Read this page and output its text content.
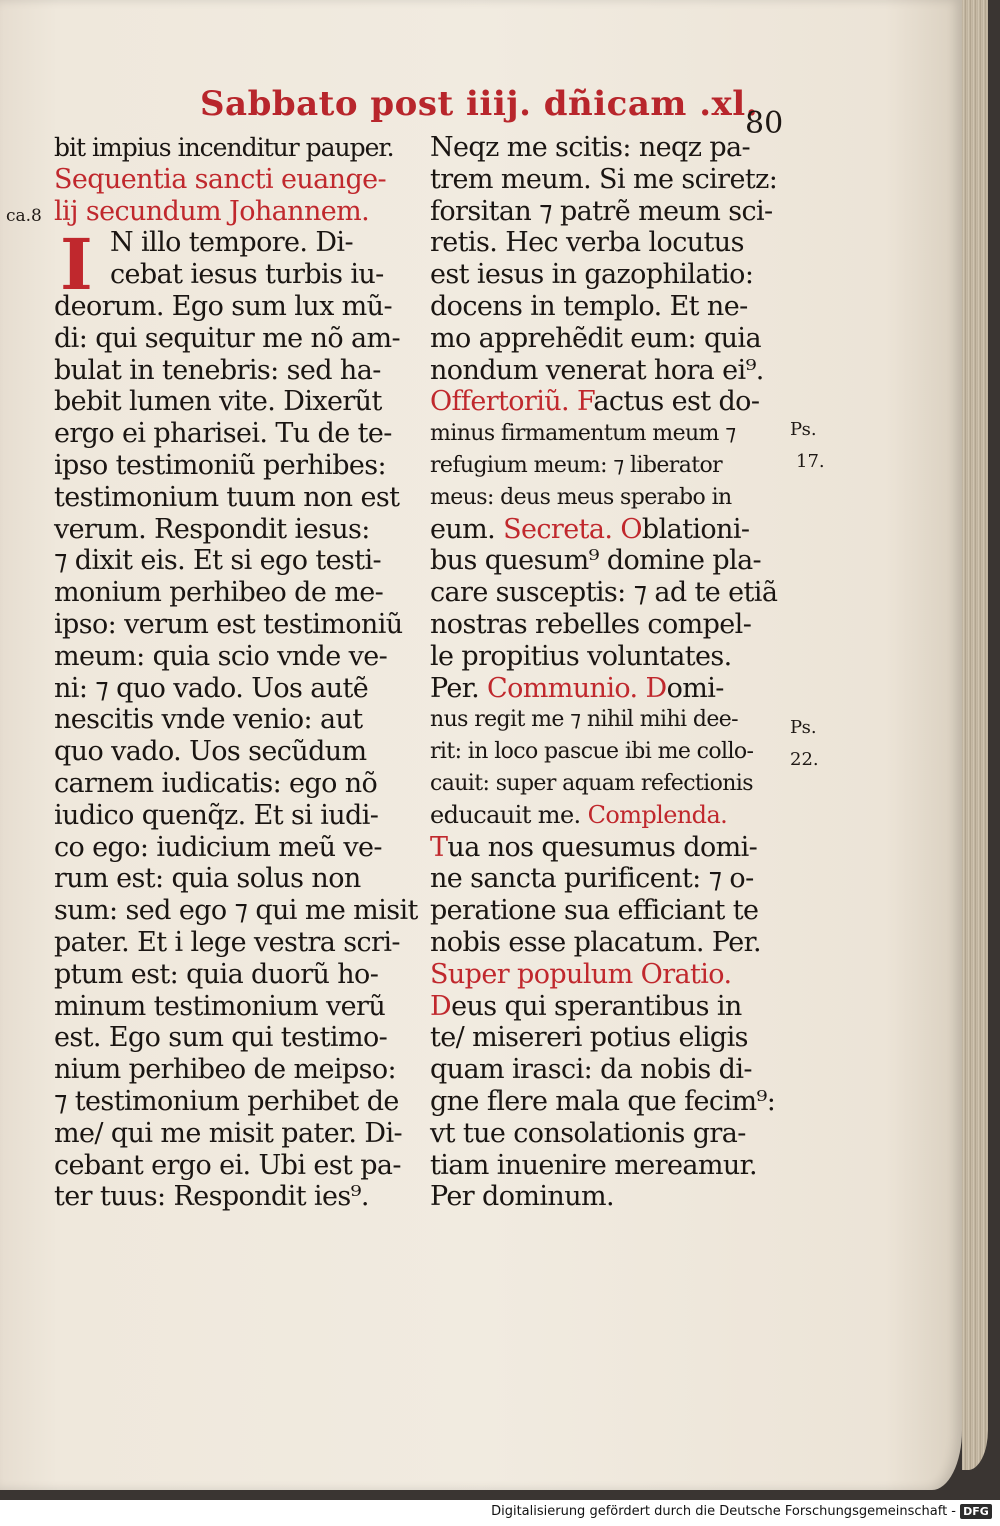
Sabbato post iiij. dñicam .xl.
80
ca.8
Ps.
17.
Ps.
22.
I
bit impius incenditur pauper.
Sequentia sancti euange-
lij secundum Johannem.
N illo tempore. Di-
cebat iesus turbis iu-
deorum. Ego sum lux mũ-
di: qui sequitur me nõ am-
bulat in tenebris: sed ha-
bebit lumen vite. Dixerũt
ergo ei pharisei. Tu de te-
ipso testimoniũ perhibes:
testimonium tuum non est
verum. Respondit iesus:
⁊ dixit eis. Et si ego testi-
monium perhibeo de me-
ipso: verum est testimoniũ
meum: quia scio vnde ve-
ni: ⁊ quo vado. Uos autẽ
nescitis vnde venio: aut
quo vado. Uos secũdum
carnem iudicatis: ego nõ
iudico quenq̃z. Et si iudi-
co ego: iudicium meũ ve-
rum est: quia solus non
sum: sed ego ⁊ qui me misit
pater. Et i lege vestra scri-
ptum est: quia duorũ ho-
minum testimonium verũ
est. Ego sum qui testimo-
nium perhibeo de meipso:
⁊ testimonium perhibet de
me/ qui me misit pater. Di-
cebant ergo ei. Ubi est pa-
ter tuus: Respondit ies⁹.
Neqz me scitis: neqz pa-
trem meum. Si me sciretz:
forsitan ⁊ patrẽ meum sci-
retis. Hec verba locutus
est iesus in gazophilatio:
docens in templo. Et ne-
mo apprehẽdit eum: quia
nondum venerat hora ei⁹.
Offertoriũ. Factus est do-
minus firmamentum meum ⁊
refugium meum: ⁊ liberator
meus: deus meus sperabo in
eum. Secreta. Oblationi-
bus quesum⁹ domine pla-
care susceptis: ⁊ ad te etiã
nostras rebelles compel-
le propitius voluntates.
Per. Communio. Domi-
nus regit me ⁊ nihil mihi dee-
rit: in loco pascue ibi me collo-
cauit: super aquam refectionis
educauit me. Complenda.
Tua nos quesumus domi-
ne sancta purificent: ⁊ o-
peratione sua efficiant te
nobis esse placatum. Per.
Super populum Oratio.
Deus qui sperantibus in
te/ misereri potius eligis
quam irasci: da nobis di-
gne flere mala que fecim⁹:
vt tue consolationis gra-
tiam inuenire mereamur.
Per dominum.
Digitalisierung gefördert durch die Deutsche Forschungsgemeinschaft - DFG
